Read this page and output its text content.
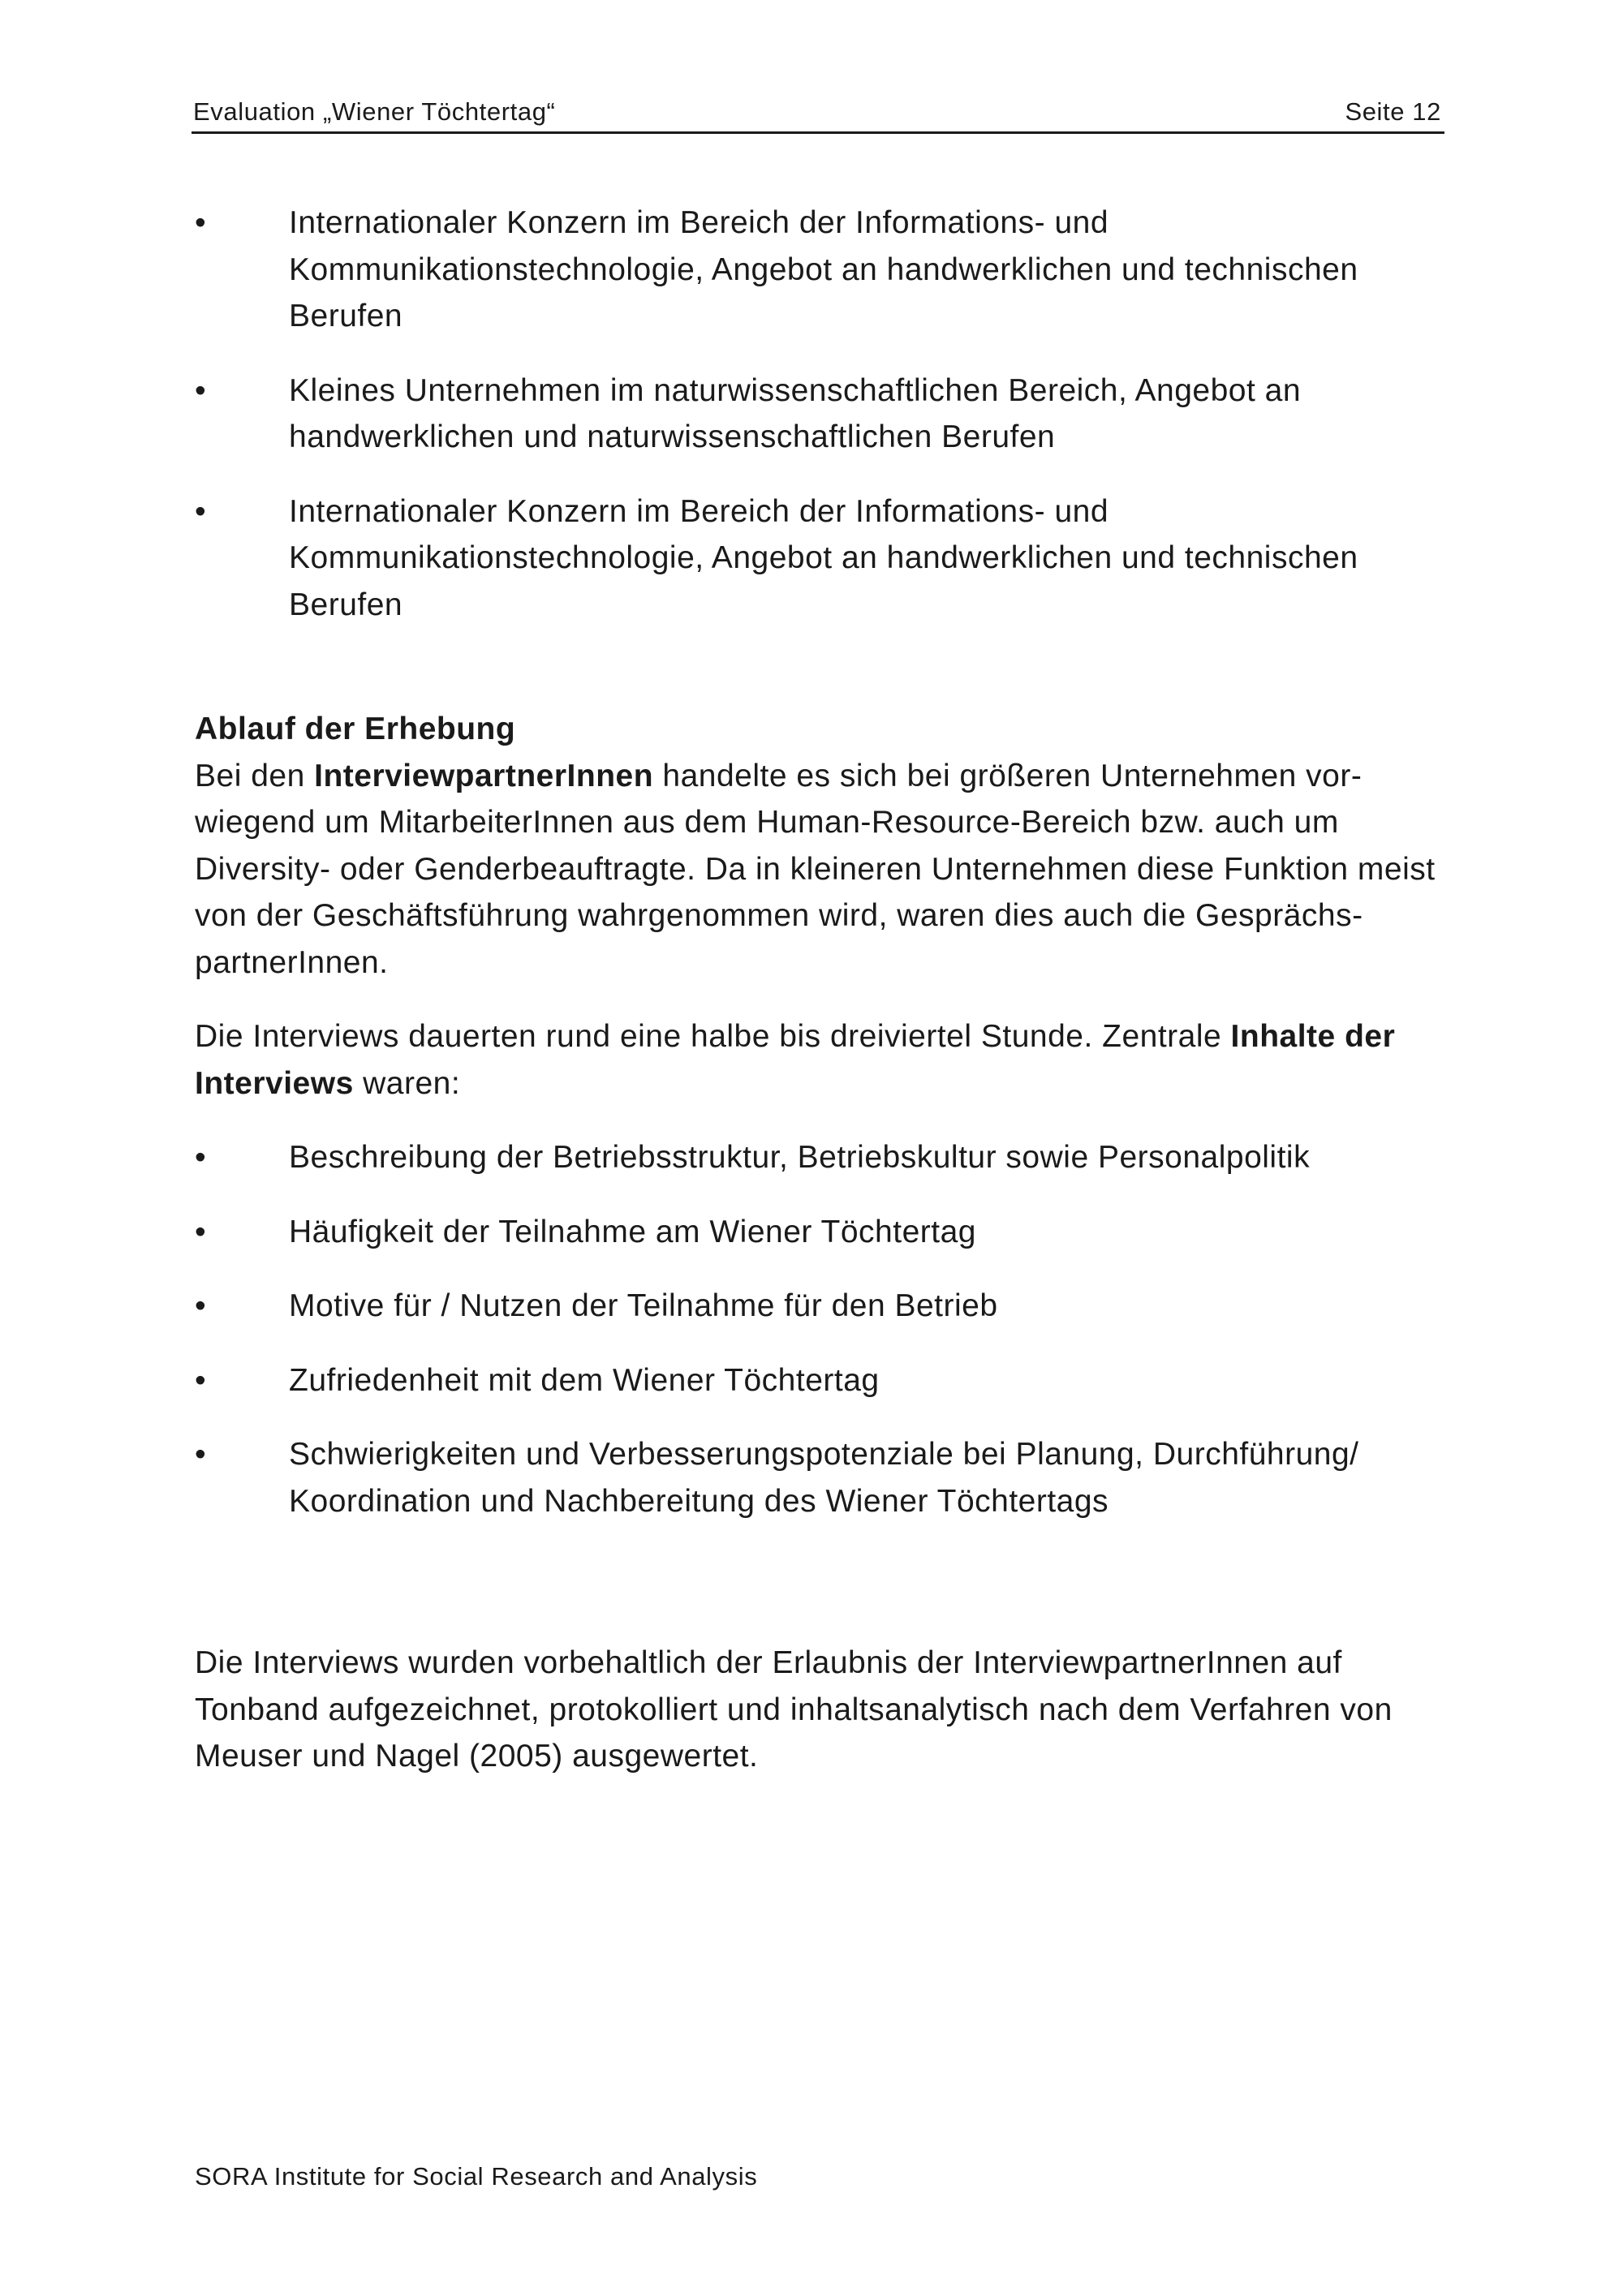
Evaluation „Wiener Töchtertag“	Seite 12
•	Internationaler Konzern im Bereich der Informations- und
Kommunikationstechnologie, Angebot an handwerklichen und technischen
Berufen
•	Kleines Unternehmen im naturwissenschaftlichen Bereich, Angebot an
handwerklichen und naturwissenschaftlichen Berufen
•	Internationaler Konzern im Bereich der Informations- und
Kommunikationstechnologie, Angebot an handwerklichen und technischen
Berufen

Ablauf der Erhebung

Bei den InterviewpartnerInnen handelte es sich bei größeren Unternehmen vor-
wiegend um MitarbeiterInnen aus dem Human-Resource-Bereich bzw. auch um
Diversity- oder Genderbeauftragte. Da in kleineren Unternehmen diese Funktion meist
von der Geschäftsführung wahrgenommen wird, waren dies auch die Gesprächs-
partnerInnen.

Die Interviews dauerten rund eine halbe bis dreiviertel Stunde. Zentrale Inhalte der
Interviews waren:

•	Beschreibung der Betriebsstruktur, Betriebskultur sowie Personalpolitik
•	Häufigkeit der Teilnahme am Wiener Töchtertag
•	Motive für / Nutzen der Teilnahme für den Betrieb
•	Zufriedenheit mit dem Wiener Töchtertag
•	Schwierigkeiten und Verbesserungspotenziale bei Planung, Durchführung/
Koordination und Nachbereitung des Wiener Töchtertags

Die Interviews wurden vorbehaltlich der Erlaubnis der InterviewpartnerInnen auf
Tonband aufgezeichnet, protokolliert und inhaltsanalytisch nach dem Verfahren von
Meuser und Nagel (2005) ausgewertet.

SORA Institute for Social Research and Analysis
